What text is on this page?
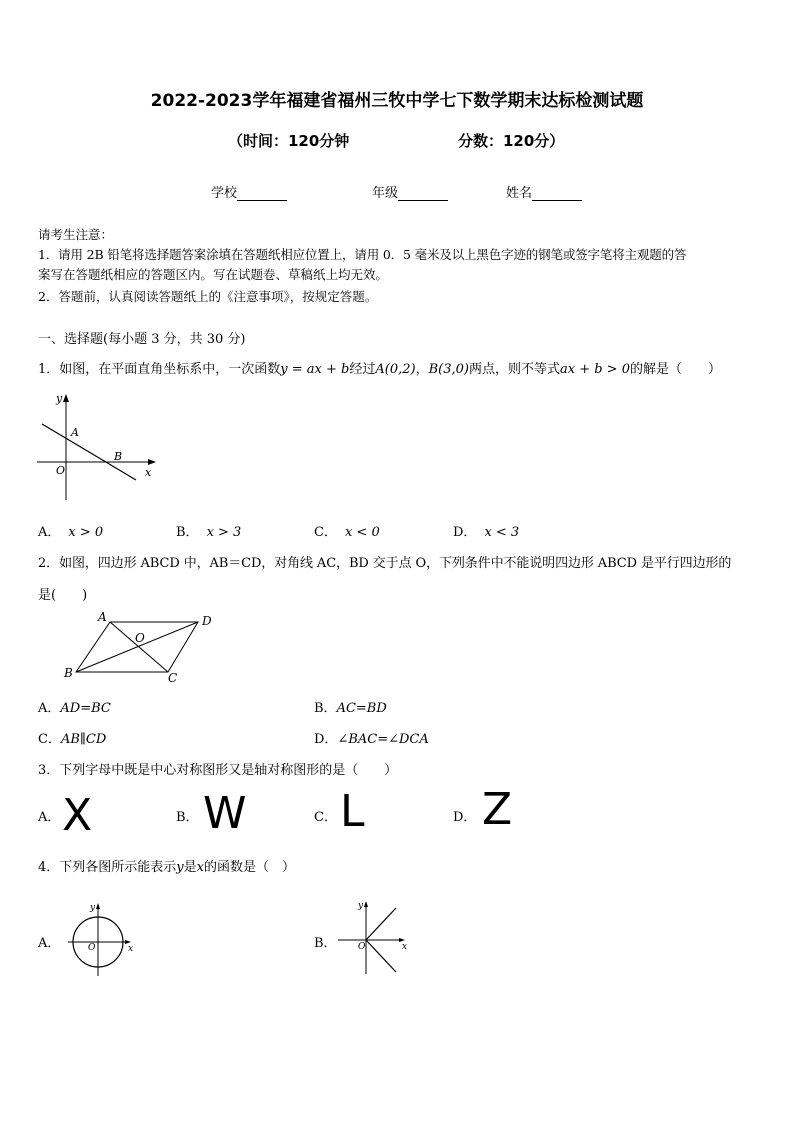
2022-2023学年福建省福州三牧中学七下数学期末达标检测试题
（时间：120分钟	分数：120分）
学校	年级	姓名
请考生注意：
1．请用 2B 铅笔将选择题答案涂填在答题纸相应位置上，请用 0．5 毫米及以上黑色字迹的钢笔或签字笔将主观题的答
案写在答题纸相应的答题区内。写在试题卷、草稿纸上均无效。
2．答题前，认真阅读答题纸上的《注意事项》，按规定答题。
一、选择题(每小题 3 分，共 30 分)
1．如图，在平面直角坐标系中，一次函数y = ax + b经过A(0,2)，B(3,0)两点，则不等式ax + b > 0的解是（　　）
y
x
O
A
B
A． x > 0	B． x > 3	C． x < 0	D． x < 3
2．如图，四边形 ABCD 中，AB＝CD，对角线 AC，BD 交于点 O，下列条件中不能说明四边形 ABCD 是平行四边形的
是(　　)
A
B	C
D
O
A．AD=BC	B．AC=BD
C．AB∥CD	D．∠BAC=∠DCA
3．下列字母中既是中心对称图形又是轴对称图形的是（　　）
A． X	B． W	C． L	D． Z
4．下列各图所示能表示y是x的函数是（　）
A．
y
x
O	B．
y
x
O
